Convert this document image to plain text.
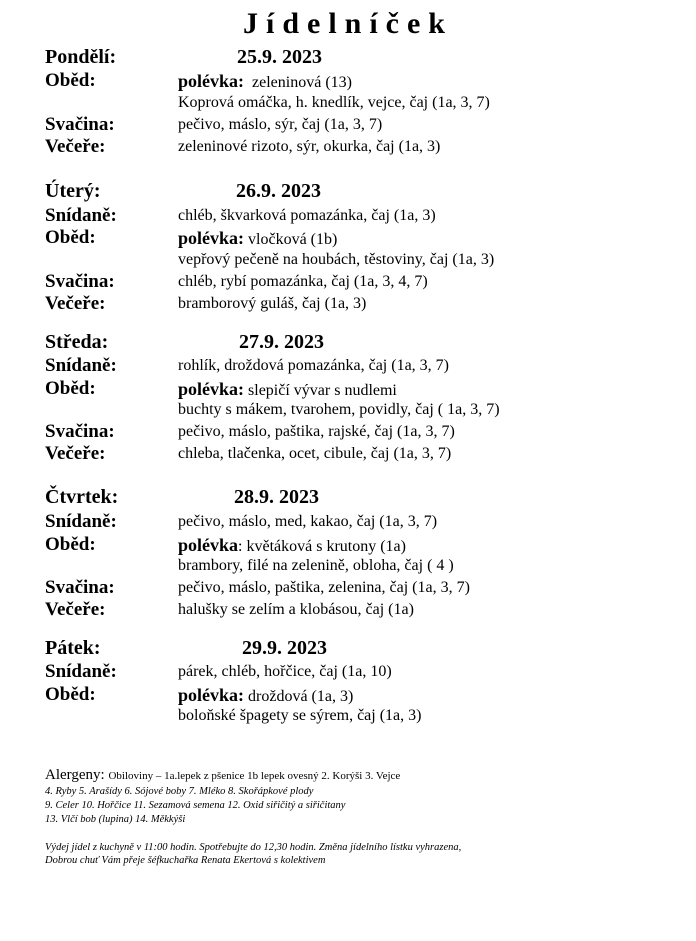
Jídelníček
Pondělí:	25.9. 2023
Oběd:	polévka: zeleninová (13)
Koprová omáčka, h. knedlík, vejce, čaj (1a, 3, 7)
Svačina:	pečivo, máslo, sýr, čaj (1a, 3, 7)
Večeře:	zeleninové rizoto, sýr, okurka, čaj (1a, 3)
Úterý:	26.9. 2023
Snídaně:	chléb, škvarková pomazánka, čaj (1a, 3)
Oběd:	polévka: vločková (1b)
vepřový pečeně na houbách, těstoviny, čaj (1a, 3)
Svačina:	chléb, rybí pomazánka, čaj (1a, 3, 4, 7)
Večeře:	bramborový guláš, čaj (1a, 3)
Středa:	27.9. 2023
Snídaně:	rohlík, droždová pomazánka, čaj (1a, 3, 7)
Oběd:	polévka: slepičí vývar s nudlemi
buchty s mákem, tvarohem, povidly, čaj ( 1a, 3, 7)
Svačina:	pečivo, máslo, paštika, rajské, čaj (1a, 3, 7)
Večeře:	chleba, tlačenka, ocet, cibule, čaj (1a, 3, 7)
Čtvrtek:	28.9. 2023
Snídaně:	pečivo, máslo, med, kakao, čaj (1a, 3, 7)
Oběd:	polévka: květáková s krutony (1a)
brambory, filé na zelenině, obloha, čaj ( 4 )
Svačina:	pečivo, máslo, paštika, zelenina, čaj (1a, 3, 7)
Večeře:	halušky se zelím a klobásou, čaj (1a)
Pátek:	29.9. 2023
Snídaně:	párek, chléb, hořčice, čaj (1a, 10)
Oběd:	polévka: droždová (1a, 3)
boloňské špagety se sýrem, čaj (1a, 3)
Alergeny: Obiloviny – 1a.lepek z pšenice 1b lepek ovesný 2. Korýši 3. Vejce
4. Ryby 5. Arašídy 6. Sójové boby 7. Mléko 8. Skořápkové plody
9. Celer 10. Hořčice 11. Sezamová semena 12. Oxid siřičitý a siřičitany
13. Vlčí bob (lupina) 14. Měkkýši
Výdej jídel z kuchyně v 11:00 hodin. Spotřebujte do 12,30 hodin. Změna jídelního lístku vyhrazena,
Dobrou chuť Vám přeje šéfkuchařka Renata Ekertová s kolektivem
